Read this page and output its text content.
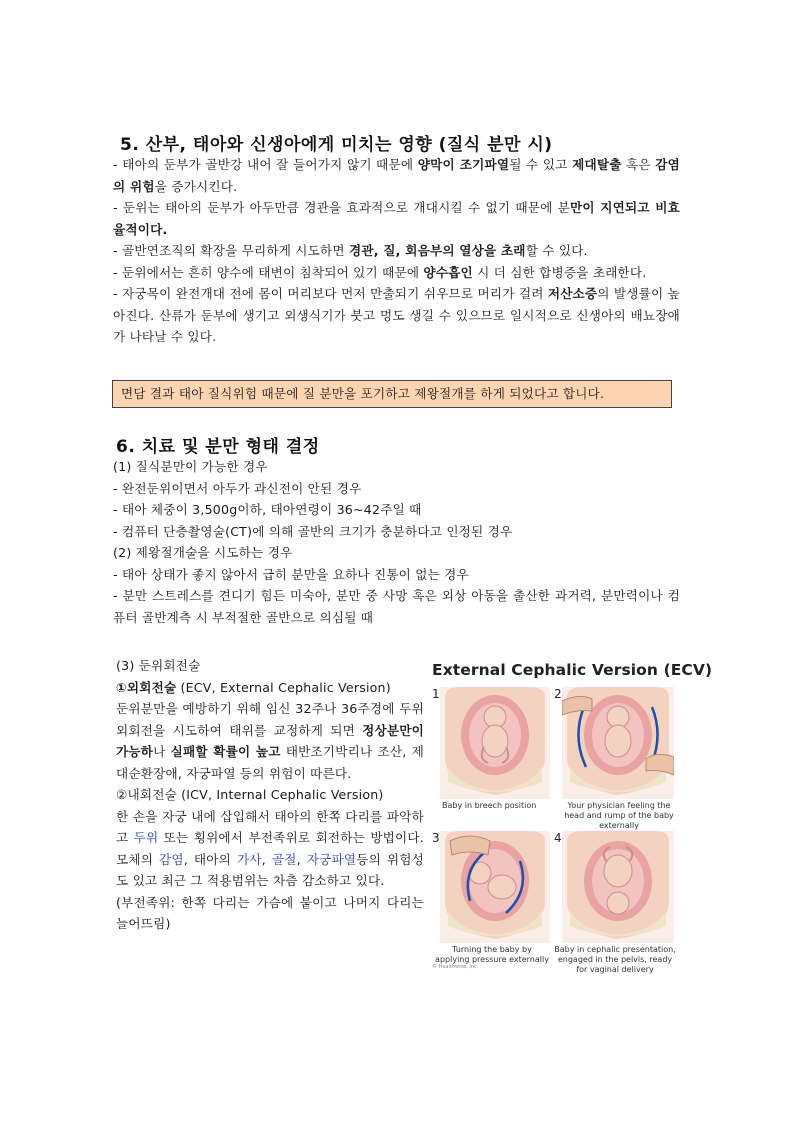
5. 산부, 태아와 신생아에게 미치는 영향 (질식 분만 시)
- 태아의 둔부가 골반강 내어 잘 들어가지 않기 때문에 양막이 조기파열될 수 있고 제대탈출 혹은 감염의 위험을 증가시킨다.
- 둔위는 태아의 둔부가 아두만큼 경관을 효과적으로 개대시킬 수 없기 때문에 분만이 지연되고 비효율적이다.
- 골반연조직의 확장을 무리하게 시도하면 경관, 질, 회음부의 열상을 초래할 수 있다.
- 둔위에서는 흔히 양수에 태변이 침착되어 있기 때문에 양수흡인 시 더 심한 합병증을 초래한다.
- 자궁목이 완전개대 전에 몸이 머리보다 먼저 만출되기 쉬우므로 머리가 걸려 저산소증의 발생률이 높아진다. 산류가 둔부에 생기고 외생식기가 붓고 멍도 생길 수 있으므로 일시적으로 신생아의 배뇨장애가 나타날 수 있다.
면담 결과 태아 질식위험 때문에 질 분만을 포기하고 제왕절개를 하게 되었다고 합니다.
6. 치료 및 분만 형태 결정
(1) 질식분만이 가능한 경우
- 완전둔위이면서 아두가 과신전이 안된 경우
- 태아 체중이 3,500g이하, 태아연령이 36~42주일 때
- 컴퓨터 단층촬영술(CT)에 의해 골반의 크기가 충분하다고 인정된 경우
(2) 제왕절개술을 시도하는 경우
- 태아 상태가 좋지 않아서 급히 분만을 요하나 진통이 없는 경우
- 분만 스트레스를 견디기 힘든 미숙아, 분만 중 사망 혹은 외상 아동을 출산한 과거력, 분만력이나 컴퓨터 골반계측 시 부적절한 골반으로 의심될 때
(3) 둔위회전술
①외회전술 (ECV, External Cephalic Version)
둔위분만을 예방하기 위해 임신 32주나 36주경에 두위 외회전을 시도하여 태위를 교정하게 되면 정상분만이 가능하나 실패할 확률이 높고 태반조기박리나 조산, 제대순환장애, 자궁파열 등의 위험이 따른다.
②내회전술 (ICV, Internal Cephalic Version)
한 손을 자궁 내에 삽입해서 태아의 한쪽 다리를 파악하고 두위 또는 횡위에서 부전족위로 회전하는 방법이다. 모체의 감염, 태아의 가사, 골절, 자궁파열등의 위험성도 있고 최근 그 적용범위는 차츰 감소하고 있다.
(부전족위: 한쪽 다리는 가슴에 붙이고 나머지 다리는 늘어뜨림)
External Cephalic Version (ECV)
1
Baby in breech position
2
Your physician feeling the head and rump of the baby externally
3
Turning the baby by applying pressure externally
4
Baby in cephalic presentation, engaged in the pelvis, ready for vaginal delivery
© Healthwise, Inc.
